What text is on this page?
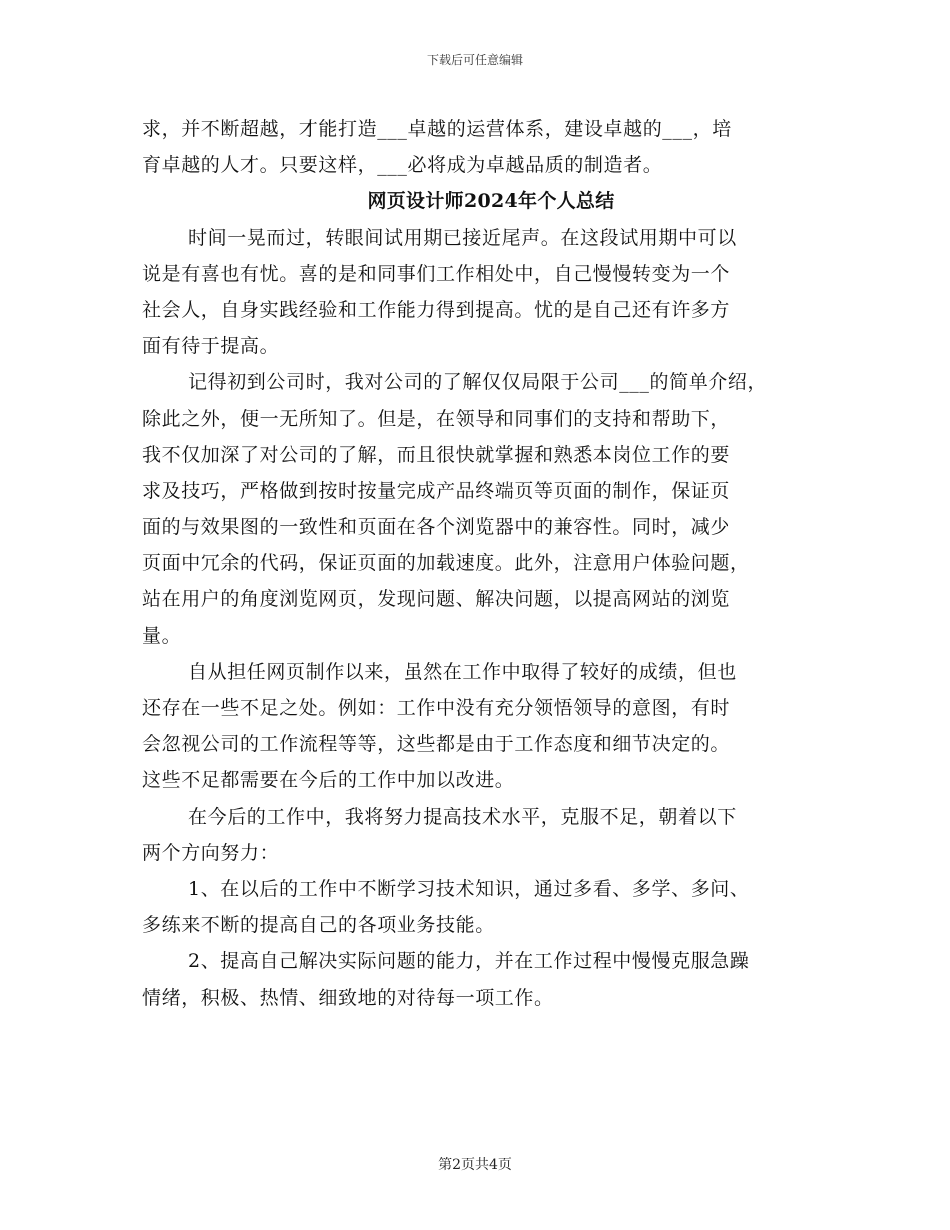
下载后可任意编辑
求，并不断超越，才能打造___卓越的运营体系，建设卓越的___，培
育卓越的人才。只要这样，___必将成为卓越品质的制造者。
网页设计师2024年个人总结
时间一晃而过，转眼间试用期已接近尾声。在这段试用期中可以
说是有喜也有忧。喜的是和同事们工作相处中，自己慢慢转变为一个
社会人，自身实践经验和工作能力得到提高。忧的是自己还有许多方
面有待于提高。
记得初到公司时，我对公司的了解仅仅局限于公司___的简单介绍，
除此之外，便一无所知了。但是，在领导和同事们的支持和帮助下，
我不仅加深了对公司的了解，而且很快就掌握和熟悉本岗位工作的要
求及技巧，严格做到按时按量完成产品终端页等页面的制作，保证页
面的与效果图的一致性和页面在各个浏览器中的兼容性。同时，减少
页面中冗余的代码，保证页面的加载速度。此外，注意用户体验问题，
站在用户的角度浏览网页，发现问题、解决问题，以提高网站的浏览
量。
自从担任网页制作以来，虽然在工作中取得了较好的成绩，但也
还存在一些不足之处。例如：工作中没有充分领悟领导的意图，有时
会忽视公司的工作流程等等，这些都是由于工作态度和细节决定的。
这些不足都需要在今后的工作中加以改进。
在今后的工作中，我将努力提高技术水平，克服不足，朝着以下
两个方向努力：
1、在以后的工作中不断学习技术知识，通过多看、多学、多问、
多练来不断的提高自己的各项业务技能。
2、提高自己解决实际问题的能力，并在工作过程中慢慢克服急躁
情绪，积极、热情、细致地的对待每一项工作。
第2页共4页
